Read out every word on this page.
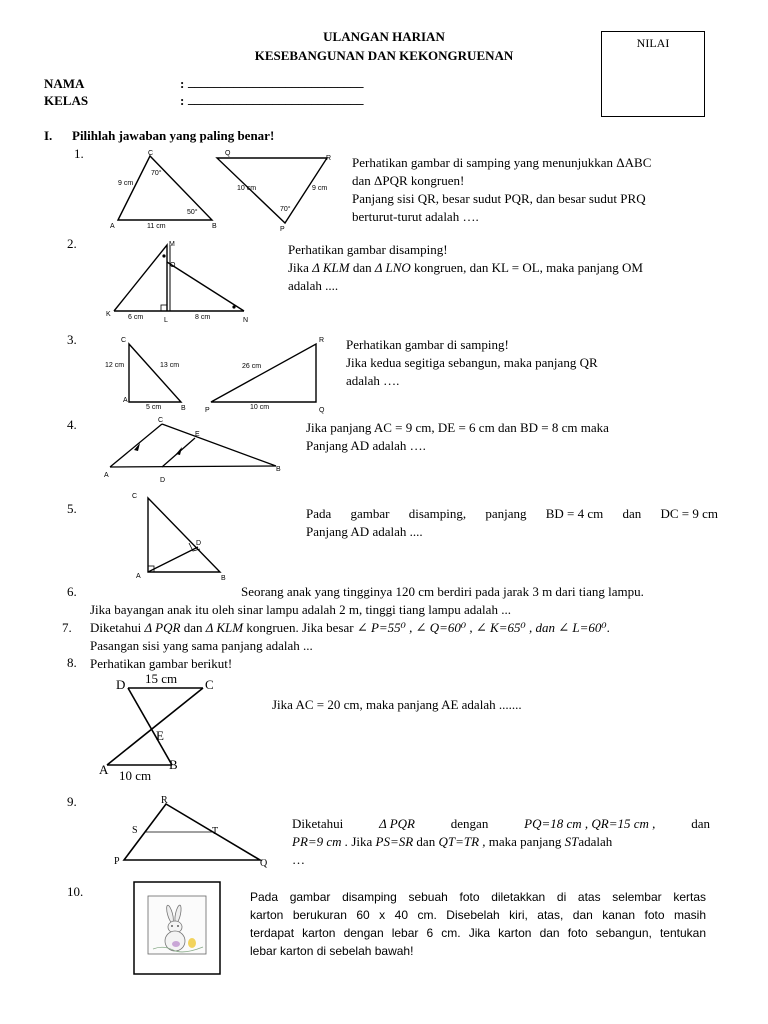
ULANGAN HARIAN
KESEBANGUNAN DAN KEKONGRUENAN
NILAI
NAMA	: ___________________________
KELAS	: ___________________________
I. Pilihlah jawaban yang paling benar!
1.	C
A	B
9 cm
11 cm
70°
50°
Q
R
P
10 cm	9 cm
70°
Perhatikan gambar di samping yang menunjukkan ΔABC
dan ΔPQR kongruen!
Panjang sisi QR, besar sudut PQR, dan besar sudut PRQ
berturut-turut adalah ….
2.	M
O
K
L	N
6 cm	8 cm
Perhatikan gambar disamping!
Jika Δ KLM dan Δ LNO kongruen, dan KL = OL, maka panjang OM
adalah ....
3.	C
A
B
12 cm	13 cm
5 cm
R
P	Q
26 cm
10 cm
Perhatikan gambar di samping!
Jika kedua segitiga sebangun, maka panjang QR
adalah ….
4.	C
E
A
B
D
Jika panjang AC = 9 cm, DE = 6 cm dan BD = 8 cm maka
Panjang AD adalah ….
5.
C
D
A	B
Pada gambar disamping, panjang BD = 4 cm dan DC = 9 cm
Panjang AD adalah ....
6.	Seorang anak yang tingginya 120 cm berdiri pada jarak 3 m dari tiang lampu.
Jika bayangan anak itu oleh sinar lampu adalah 2 m, tinggi tiang lampu adalah ...
7. Diketahui Δ PQR dan Δ KLM kongruen. Jika besar ∠ P=55⁰ , ∠ Q=60⁰ , ∠ K=65⁰ , dan ∠ L=60⁰.
Pasangan sisi yang sama panjang adalah ...
8. Perhatikan gambar berikut!
D	C
15 cm
E
A	B
10 cm
Jika AC = 20 cm, maka panjang AE adalah .......
9.	R
S	T
P	Q
Diketahui	Δ PQR	dengan	PQ=18 cm , QR=15 cm ,	dan
PR=9 cm . Jika PS=SR dan QT=TR , maka panjang STadalah
…
10.	Pada gambar disamping sebuah foto diletakkan di atas selembar kertas
karton berukuran 60 x 40 cm. Disebelah kiri, atas, dan kanan foto masih
terdapat karton dengan lebar 6 cm. Jika karton dan foto sebangun, tentukan
lebar karton di sebelah bawah!
